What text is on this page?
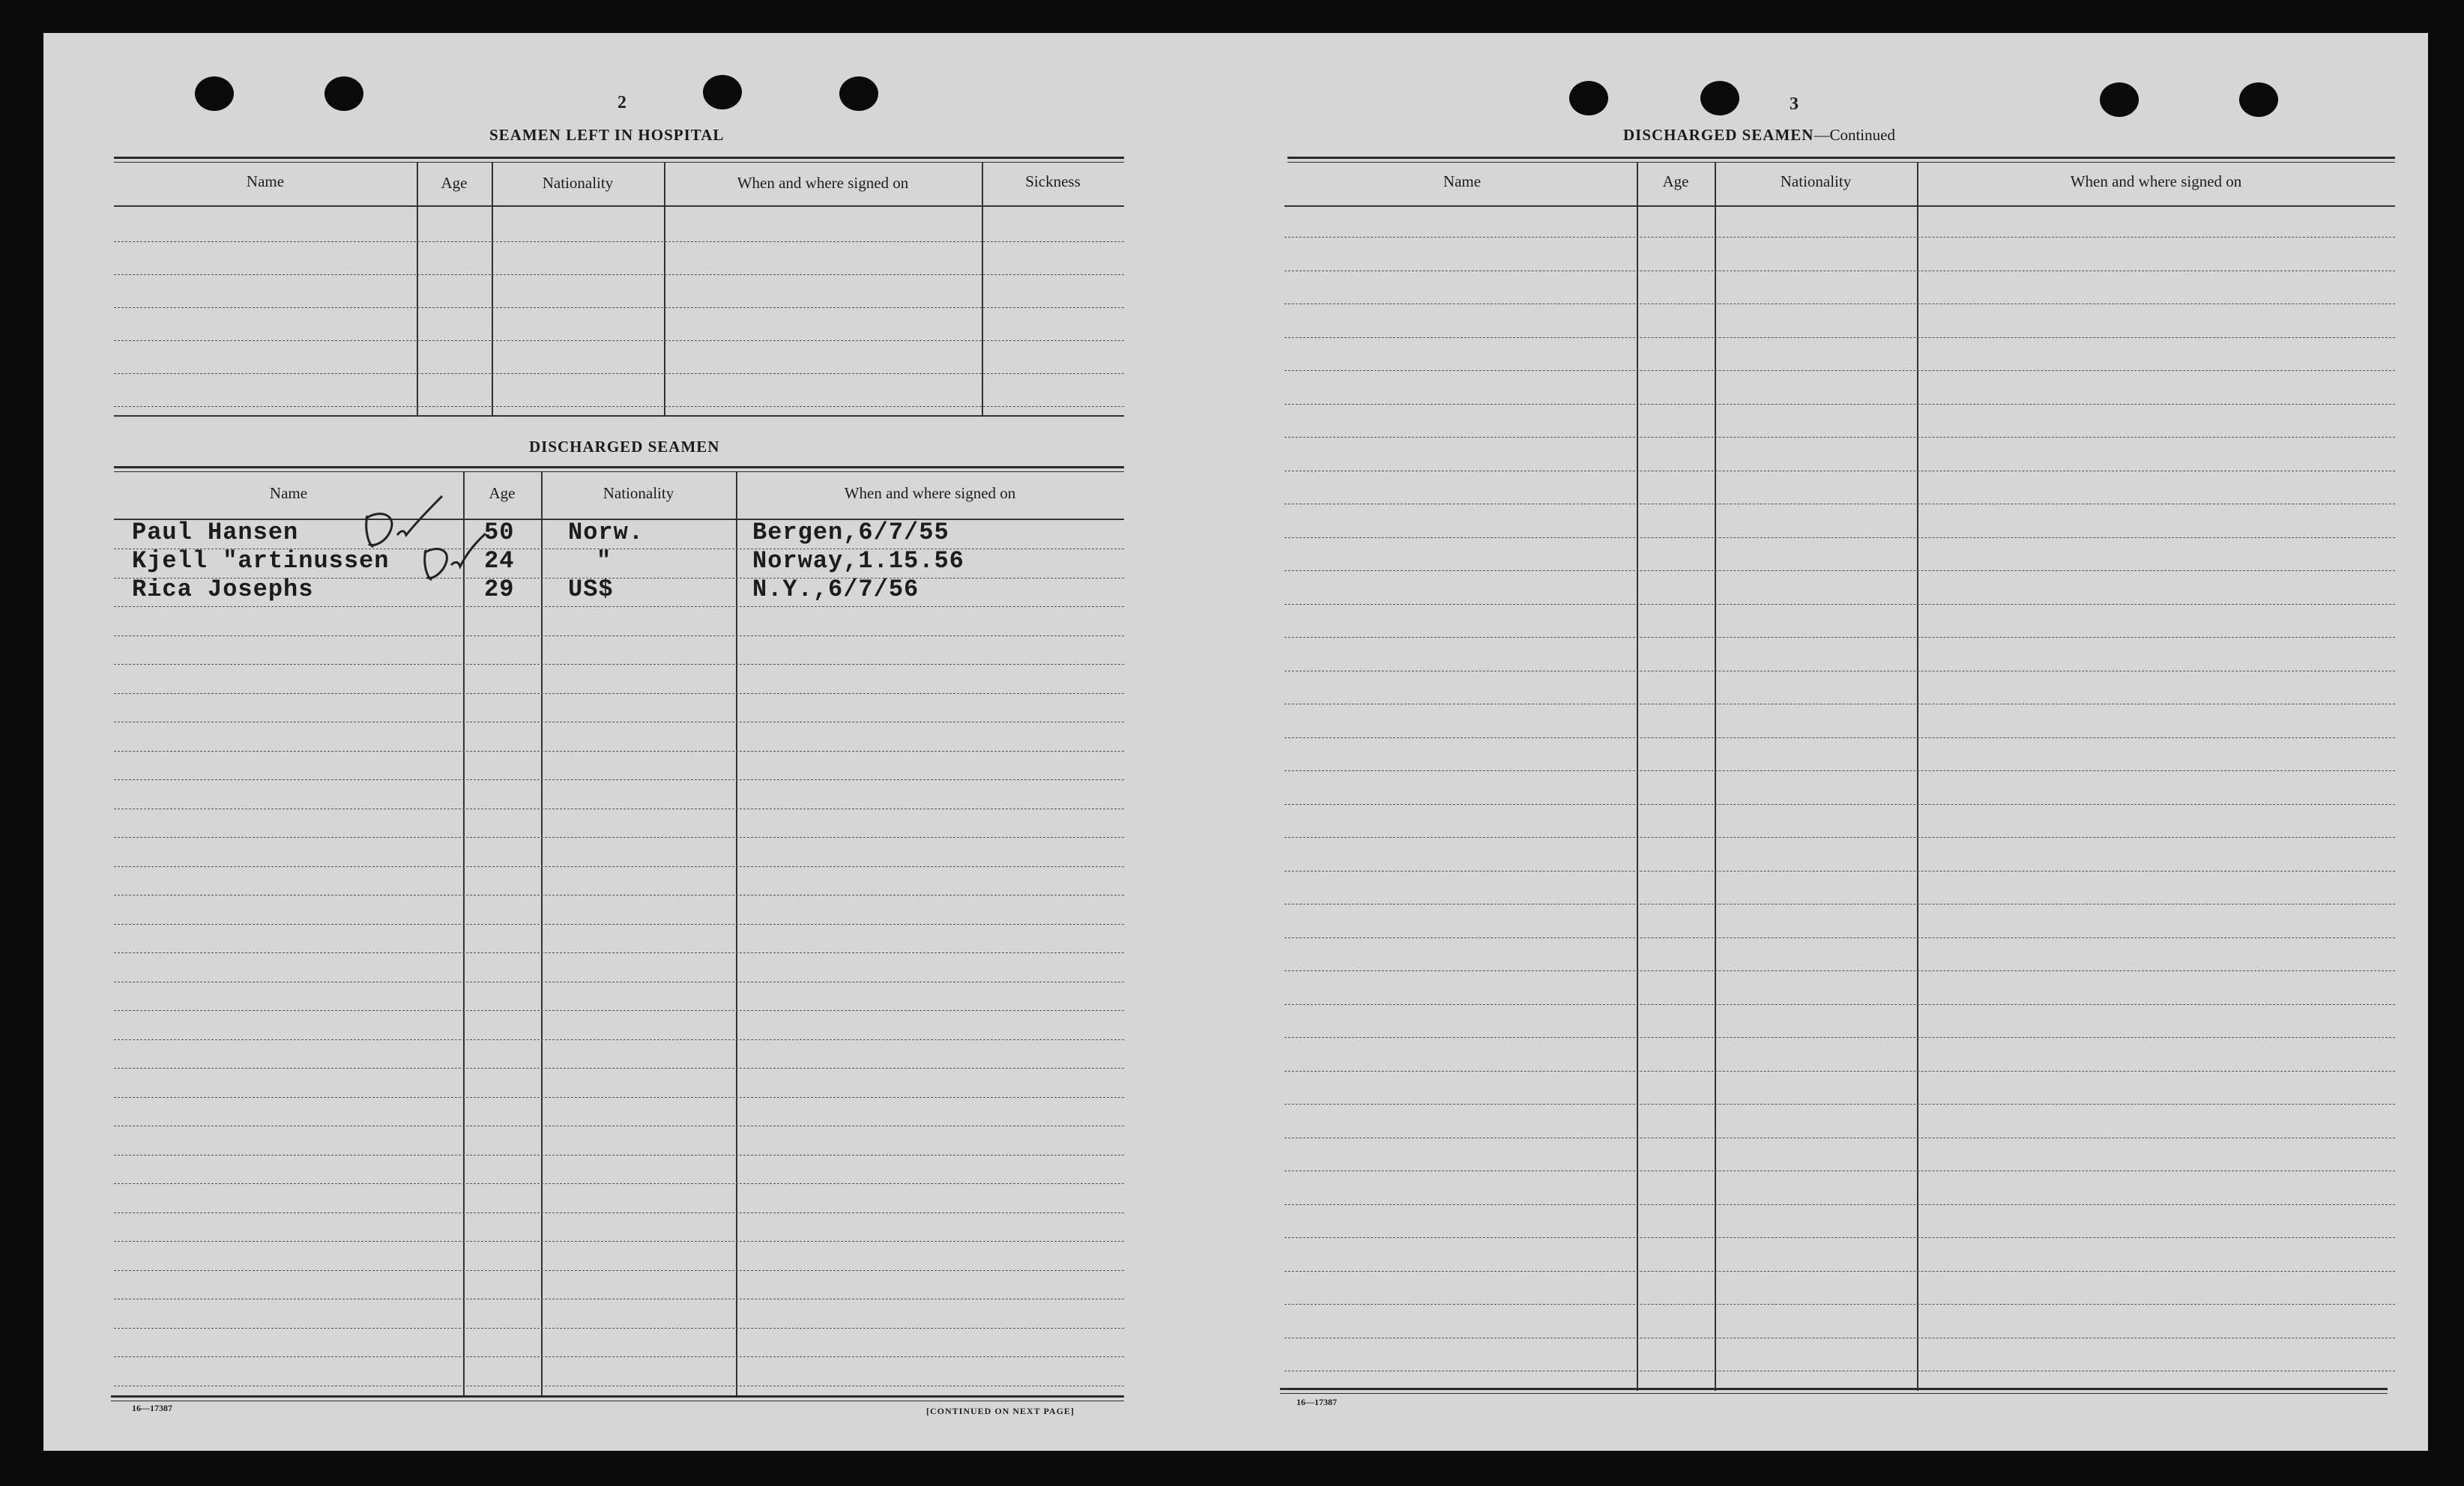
2
SEAMEN LEFT IN HOSPITAL
Name	Age	Nationality	When and where signed on	Sickness
DISCHARGED SEAMEN
Name	Age	Nationality	When and where signed on
Paul Hansen	50 Norw.	Bergen,6/7/55
Kjell "artinussen	24	"	Norway,1.15.56
Rica Josephs	29 US$	N.Y.,6/7/56
16—17387	[CONTINUED ON NEXT PAGE]
3
DISCHARGED SEAMEN—Continued
Name	Age	Nationality	When and where signed on
16—17387
